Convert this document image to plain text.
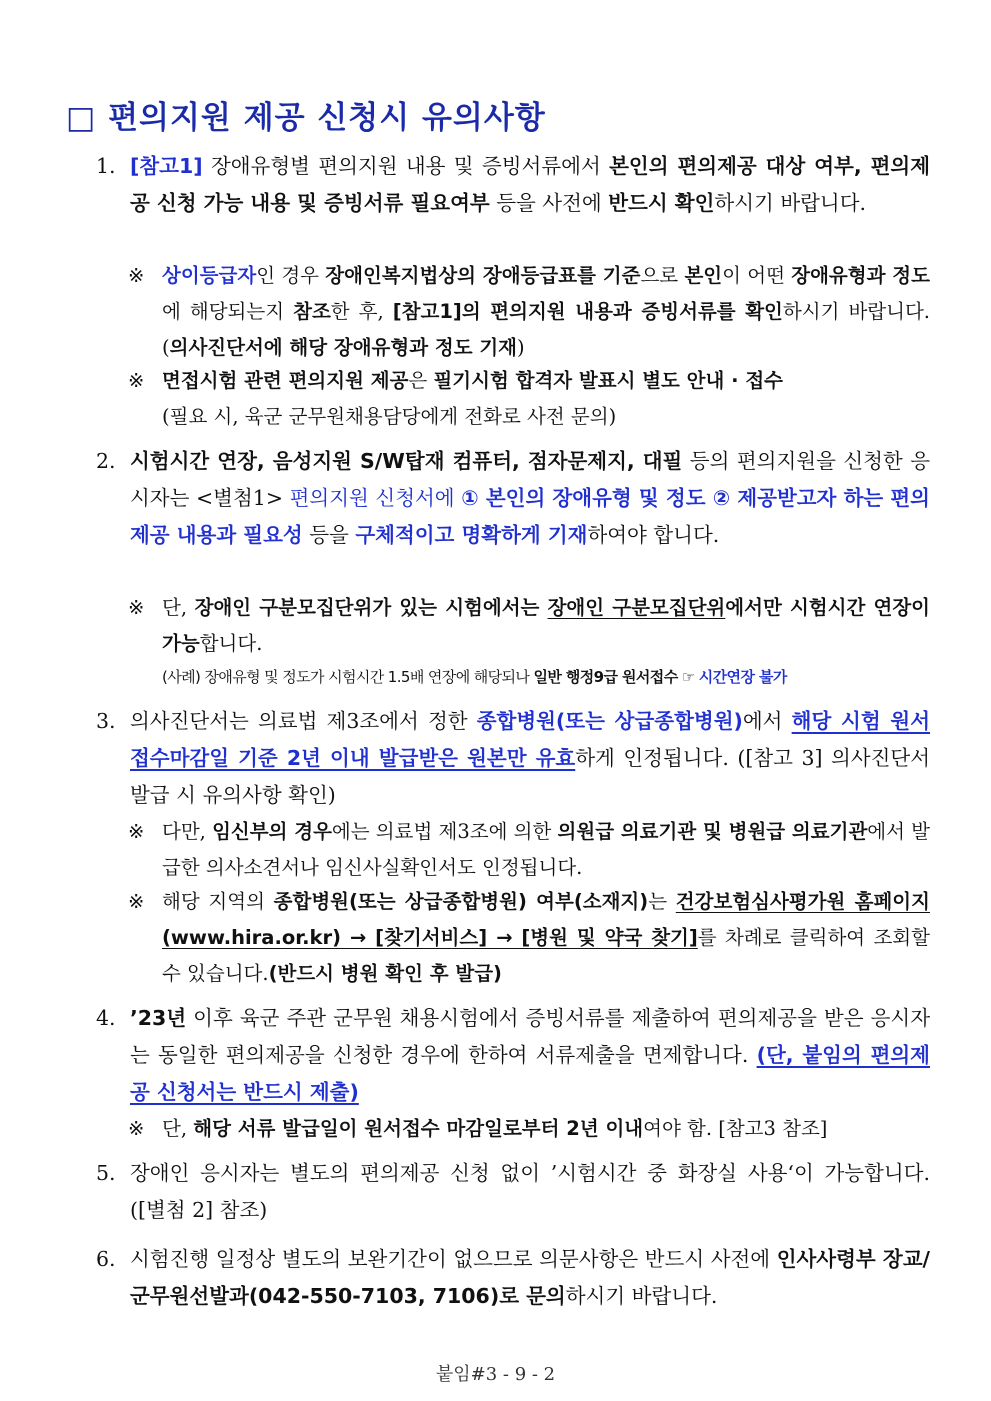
□ 편의지원 제공 신청시 유의사항
1. [참고1] 장애유형별 편의지원 내용 및 증빙서류에서 본인의 편의제공 대상 여부, 편의제공 신청 가능 내용 및 증빙서류 필요여부 등을 사전에 반드시 확인하시기 바랍니다.
※ 상이등급자인 경우 장애인복지법상의 장애등급표를 기준으로 본인이 어떤 장애유형과 정도에 해당되는지 참조한 후, [참고1]의 편의지원 내용과 증빙서류를 확인하시기 바랍니다. (의사진단서에 해당 장애유형과 정도 기재)
※ 면접시험 관련 편의지원 제공은 필기시험 합격자 발표시 별도 안내 · 접수
(필요 시, 육군 군무원채용담당에게 전화로 사전 문의)
2. 시험시간 연장, 음성지원 S/W탑재 컴퓨터, 점자문제지, 대필 등의 편의지원을 신청한 응시자는 <별첨1> 편의지원 신청서에 ① 본인의 장애유형 및 정도 ② 제공받고자 하는 편의제공 내용과 필요성 등을 구체적이고 명확하게 기재하여야 합니다.
※ 단, 장애인 구분모집단위가 있는 시험에서는 장애인 구분모집단위에서만 시험시간 연장이 가능합니다.
(사례) 장애유형 및 정도가 시험시간 1.5배 연장에 해당되나 일반 행정9급 원서접수 ☞ 시간연장 불가
3. 의사진단서는 의료법 제3조에서 정한 종합병원(또는 상급종합병원)에서 해당 시험 원서 접수마감일 기준 2년 이내 발급받은 원본만 유효하게 인정됩니다. ([참고 3] 의사진단서 발급 시 유의사항 확인)
※ 다만, 임신부의 경우에는 의료법 제3조에 의한 의원급 의료기관 및 병원급 의료기관에서 발급한 의사소견서나 임신사실확인서도 인정됩니다.
※ 해당 지역의 종합병원(또는 상급종합병원) 여부(소재지)는 건강보험심사평가원 홈페이지(www.hira.or.kr) → [찾기서비스] → [병원 및 약국 찾기]를 차례로 클릭하여 조회할 수 있습니다.(반드시 병원 확인 후 발급)
4. ’23년 이후 육군 주관 군무원 채용시험에서 증빙서류를 제출하여 편의제공을 받은 응시자는 동일한 편의제공을 신청한 경우에 한하여 서류제출을 면제합니다. (단, 붙임의 편의제공 신청서는 반드시 제출)
※ 단, 해당 서류 발급일이 원서접수 마감일로부터 2년 이내여야 함. [참고3 참조]
5. 장애인 응시자는 별도의 편의제공 신청 없이 ’시험시간 중 화장실 사용‘이 가능합니다. ([별첨 2] 참조)
6. 시험진행 일정상 별도의 보완기간이 없으므로 의문사항은 반드시 사전에 인사사령부 장교/군무원선발과(042-550-7103, 7106)로 문의하시기 바랍니다.
붙임#3 - 9 - 2
